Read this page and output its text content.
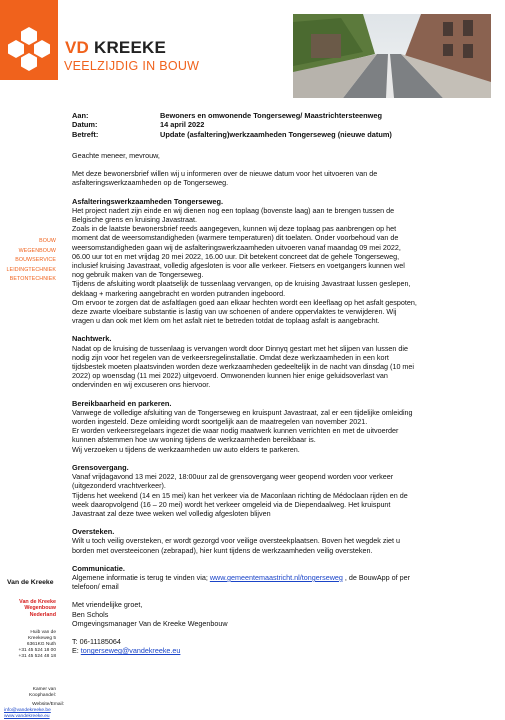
VD KREEKE
VEELZIJDIG IN BOUW
BOUW
WEGENBOUW
BOUWSERVICE
LEIDINGTECHNIEK
BETONTECHNIEK
Van de Kreeke
Van de Kreeke
Wegenbouw
Nederland
Huib van de
Kreekeweg 5
6361KG Nuth
+31 45 524 18 00
+31 45 524 48 18
Kamer van
Koophandel:
Website/Email:
info@vandekreeke.be
www.vandekreeke.eu
Aan:	Bewoners en omwonende Tongerseweg/ Maastrichtersteenweg
Datum:	14 april 2022
Betreft:	Update (asfaltering)werkzaamheden Tongerseweg (nieuwe datum)

Geachte meneer, mevrouw,

Met deze bewonersbrief willen wij u informeren over de nieuwe datum voor het uitvoeren van de
asfalteringswerkzaamheden op de Tongerseweg.
Asfalteringswerkzaamheden Tongerseweg.
Het project nadert zijn einde en wij dienen nog een toplaag (bovenste laag) aan te brengen tussen de
Belgische grens en kruising Javastraat.
Zoals in de laatste bewonersbrief reeds aangegeven, kunnen wij deze toplaag pas aanbrengen op het
moment dat de weersomstandigheden (warmere temperaturen) dit toelaten. Onder voorbehoud van de
weersomstandigheden gaan wij de asfalteringswerkzaamheden uitvoeren vanaf maandag 09 mei 2022,
06.00 uur tot en met vrijdag 20 mei 2022, 16.00 uur. Dit betekent concreet dat de gehele Tongerseweg,
inclusief kruising Javastraat, volledig afgesloten is voor alle verkeer. Fietsers en voetgangers kunnen wel
nog gebruik maken van de Tongerseweg.
Tijdens de afsluiting wordt plaatselijk de tussenlaag vervangen, op de kruising Javastraat lussen geslepen,
deklaag + markering aangebracht en worden putranden ingeboord.
Om ervoor te zorgen dat de asfaltlagen goed aan elkaar hechten wordt een kleeflaag op het asfalt gespoten,
deze zwarte vloeibare substantie is lastig van uw schoenen of andere oppervlaktes te verwijderen. Wij
vragen u dan ook met klem om het asfalt niet te betreden totdat de toplaag asfalt is aangebracht.
Nachtwerk.
Nadat op de kruising de tussenlaag is vervangen wordt door Dinnyq gestart met het slijpen van lussen die
nodig zijn voor het regelen van de verkeersregelinstallatie. Omdat deze werkzaamheden in een kort
tijdsbestek moeten plaatsvinden worden deze werkzaamheden gedeeltelijk in de nacht van dinsdag (10 mei
2022) op woensdag (11 mei 2022) uitgevoerd. Omwonenden kunnen hier enige geluidsoverlast van
ondervinden en wij excuseren ons hiervoor.
Bereikbaarheid en parkeren.
Vanwege de volledige afsluiting van de Tongerseweg en kruispunt Javastraat, zal er een tijdelijke omleiding
worden ingesteld. Deze omleiding wordt soortgelijk aan de maatregelen van november 2021.
Er worden verkeersregelaars ingezet die waar nodig maatwerk kunnen verrichten en met de uitvoerder
kunnen afstemmen hoe uw woning tijdens de werkzaamheden bereikbaar is.
Wij verzoeken u tijdens de werkzaamheden uw auto elders te parkeren.
Grensovergang.
Vanaf vrijdagavond 13 mei 2022, 18:00uur zal de grensovergang weer geopend worden voor verkeer
(uitgezonderd vrachtverkeer).
Tijdens het weekend (14 en 15 mei) kan het verkeer via de Maconlaan richting de Médoclaan rijden en de
week daaropvolgend (16 – 20 mei) wordt het verkeer omgeleid via de Diependaalweg. Het kruispunt
Javastraat zal deze twee weken wel volledig afgesloten blijven
Oversteken.
Wilt u toch veilig oversteken, er wordt gezorgd voor veilige oversteekplaatsen. Boven het wegdek ziet u
borden met oversteeiconen (zebrapad), hier kunt tijdens de werkzaamheden veilig oversteken.
Communicatie.
Algemene informatie is terug te vinden via; www.gemeentemaastricht.nl/tongerseweg , de BouwApp of per
telefoon/ email
Met vriendelijke groet,
Ben Schols
Omgevingsmanager Van de Kreeke Wegenbouw
T: 06-11185064
E: tongerseweg@vandekreeke.eu
